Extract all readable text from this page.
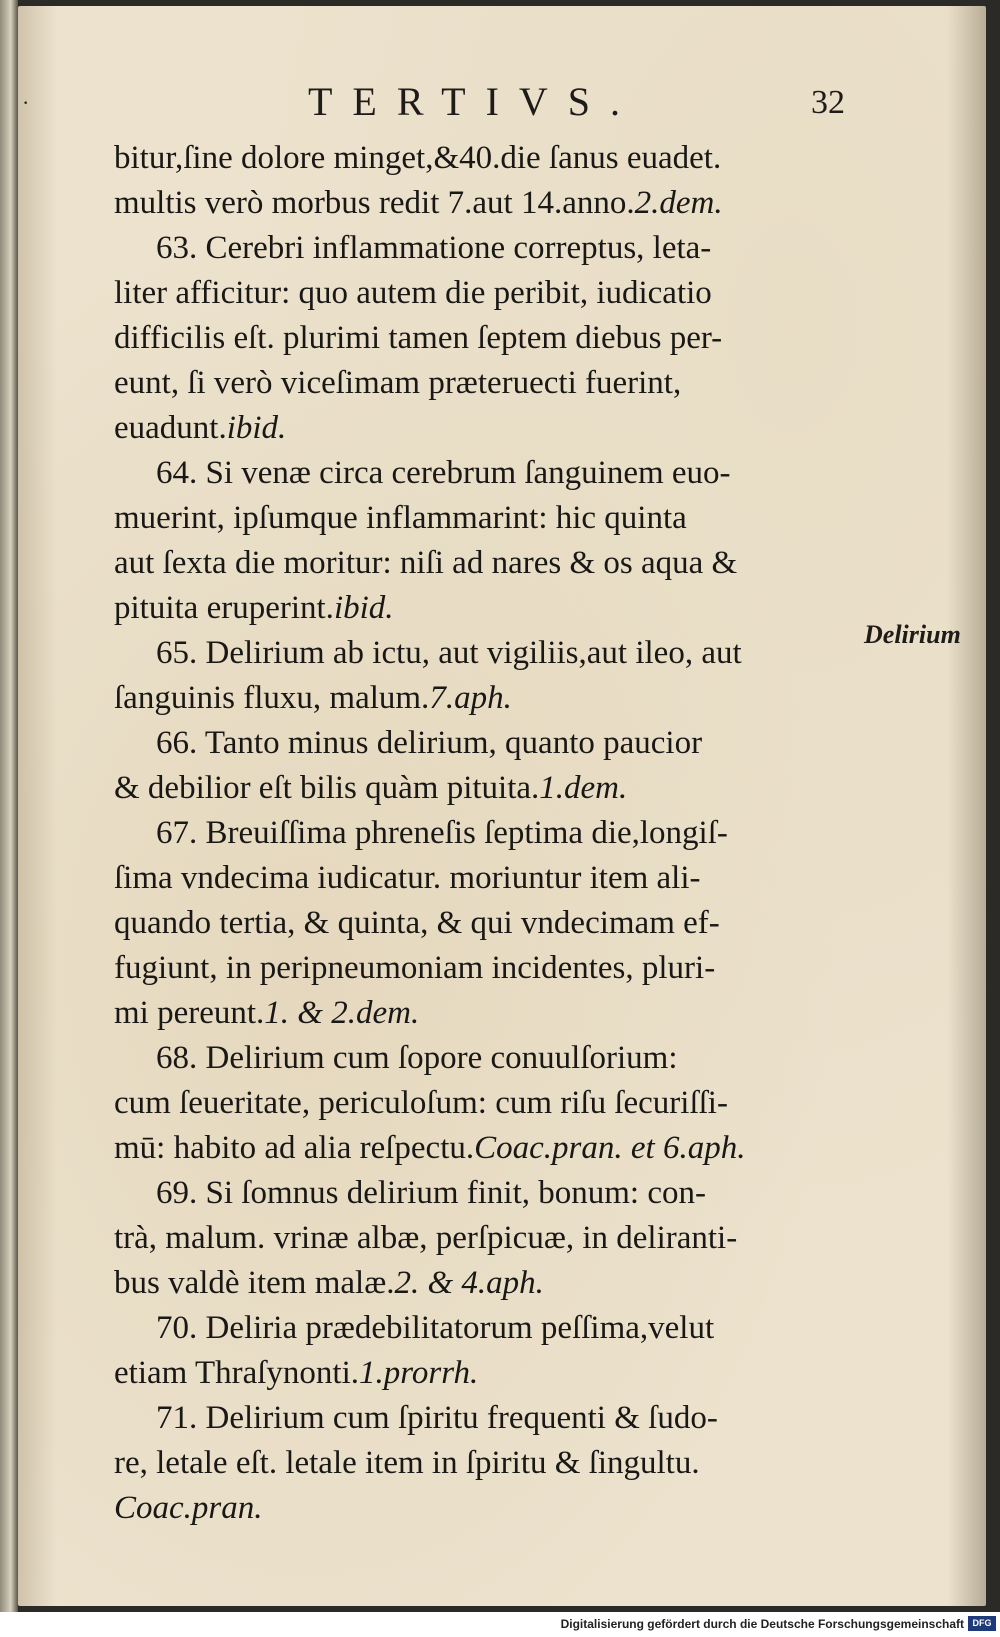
·	TERTIVS.	32
bitur,ſine dolore minget,&40.die ſanus euadet.
multis verò morbus redit 7.aut 14.anno.2.dem.
63. Cerebri inflammatione correptus, leta-
liter afficitur: quo autem die peribit, iudicatio
difficilis eſt. plurimi tamen ſeptem diebus per-
eunt, ſi verò viceſimam præteruecti fuerint,
euadunt.ibid.
64. Si venæ circa cerebrum ſanguinem euo-
muerint, ipſumque inflammarint: hic quinta
aut ſexta die moritur: niſi ad nares & os aqua &
pituita eruperint.ibid.
65. Delirium ab ictu, aut vigiliis,aut ileo, aut
ſanguinis fluxu, malum.7.aph.
66. Tanto minus delirium, quanto paucior
& debilior eſt bilis quàm pituita.1.dem.
67. Breuiſſima phreneſis ſeptima die,longiſ-
ſima vndecima iudicatur. moriuntur item ali-
quando tertia, & quinta, & qui vndecimam ef-
fugiunt, in peripneumoniam incidentes, pluri-
mi pereunt.1. & 2.dem.
68. Delirium cum ſopore conuulſorium:
cum ſeueritate, periculoſum: cum riſu ſecuriſſi-
mū: habito ad alia reſpectu.Coac.pran. et 6.aph.
69. Si ſomnus delirium finit, bonum: con-
trà, malum. vrinæ albæ, perſpicuæ, in deliranti-
bus valdè item malæ.2. & 4.aph.
70. Deliria prædebilitatorum peſſima,velut
etiam Thraſynonti.1.prorrh.
71. Delirium cum ſpiritu frequenti & ſudo-
re, letale eſt. letale item in ſpiritu & ſingultu.
Coac.pran.
Delirium
Digitalisierung gefördert durch die Deutsche Forschungsgemeinschaft DFG
